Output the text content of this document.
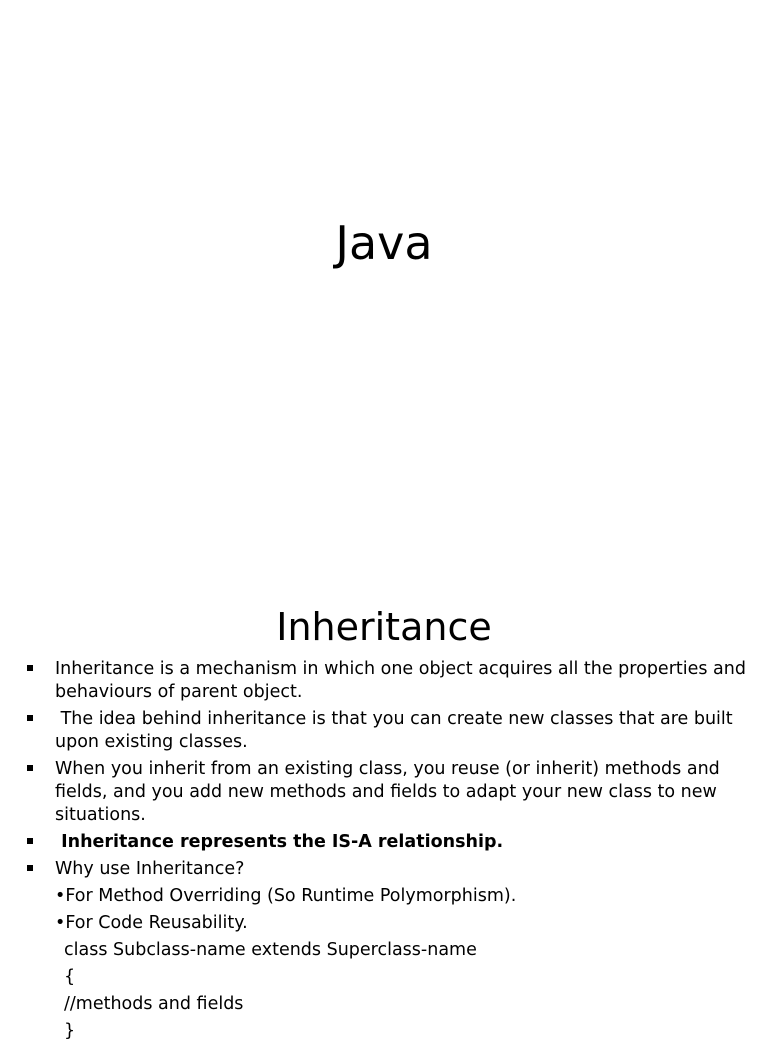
Java
Inheritance
Inheritance is a mechanism in which one object acquires all the properties and behaviours of parent object.
The idea behind inheritance is that you can create new classes that are built upon existing classes.
When you inherit from an existing class, you reuse (or inherit) methods and fields, and you add new methods and fields to adapt your new class to new situations.
Inheritance represents the IS-A relationship.
Why use Inheritance?
•For Method Overriding (So Runtime Polymorphism).
•For Code Reusability.
class Subclass-name extends Superclass-name
{
//methods and fields
}
